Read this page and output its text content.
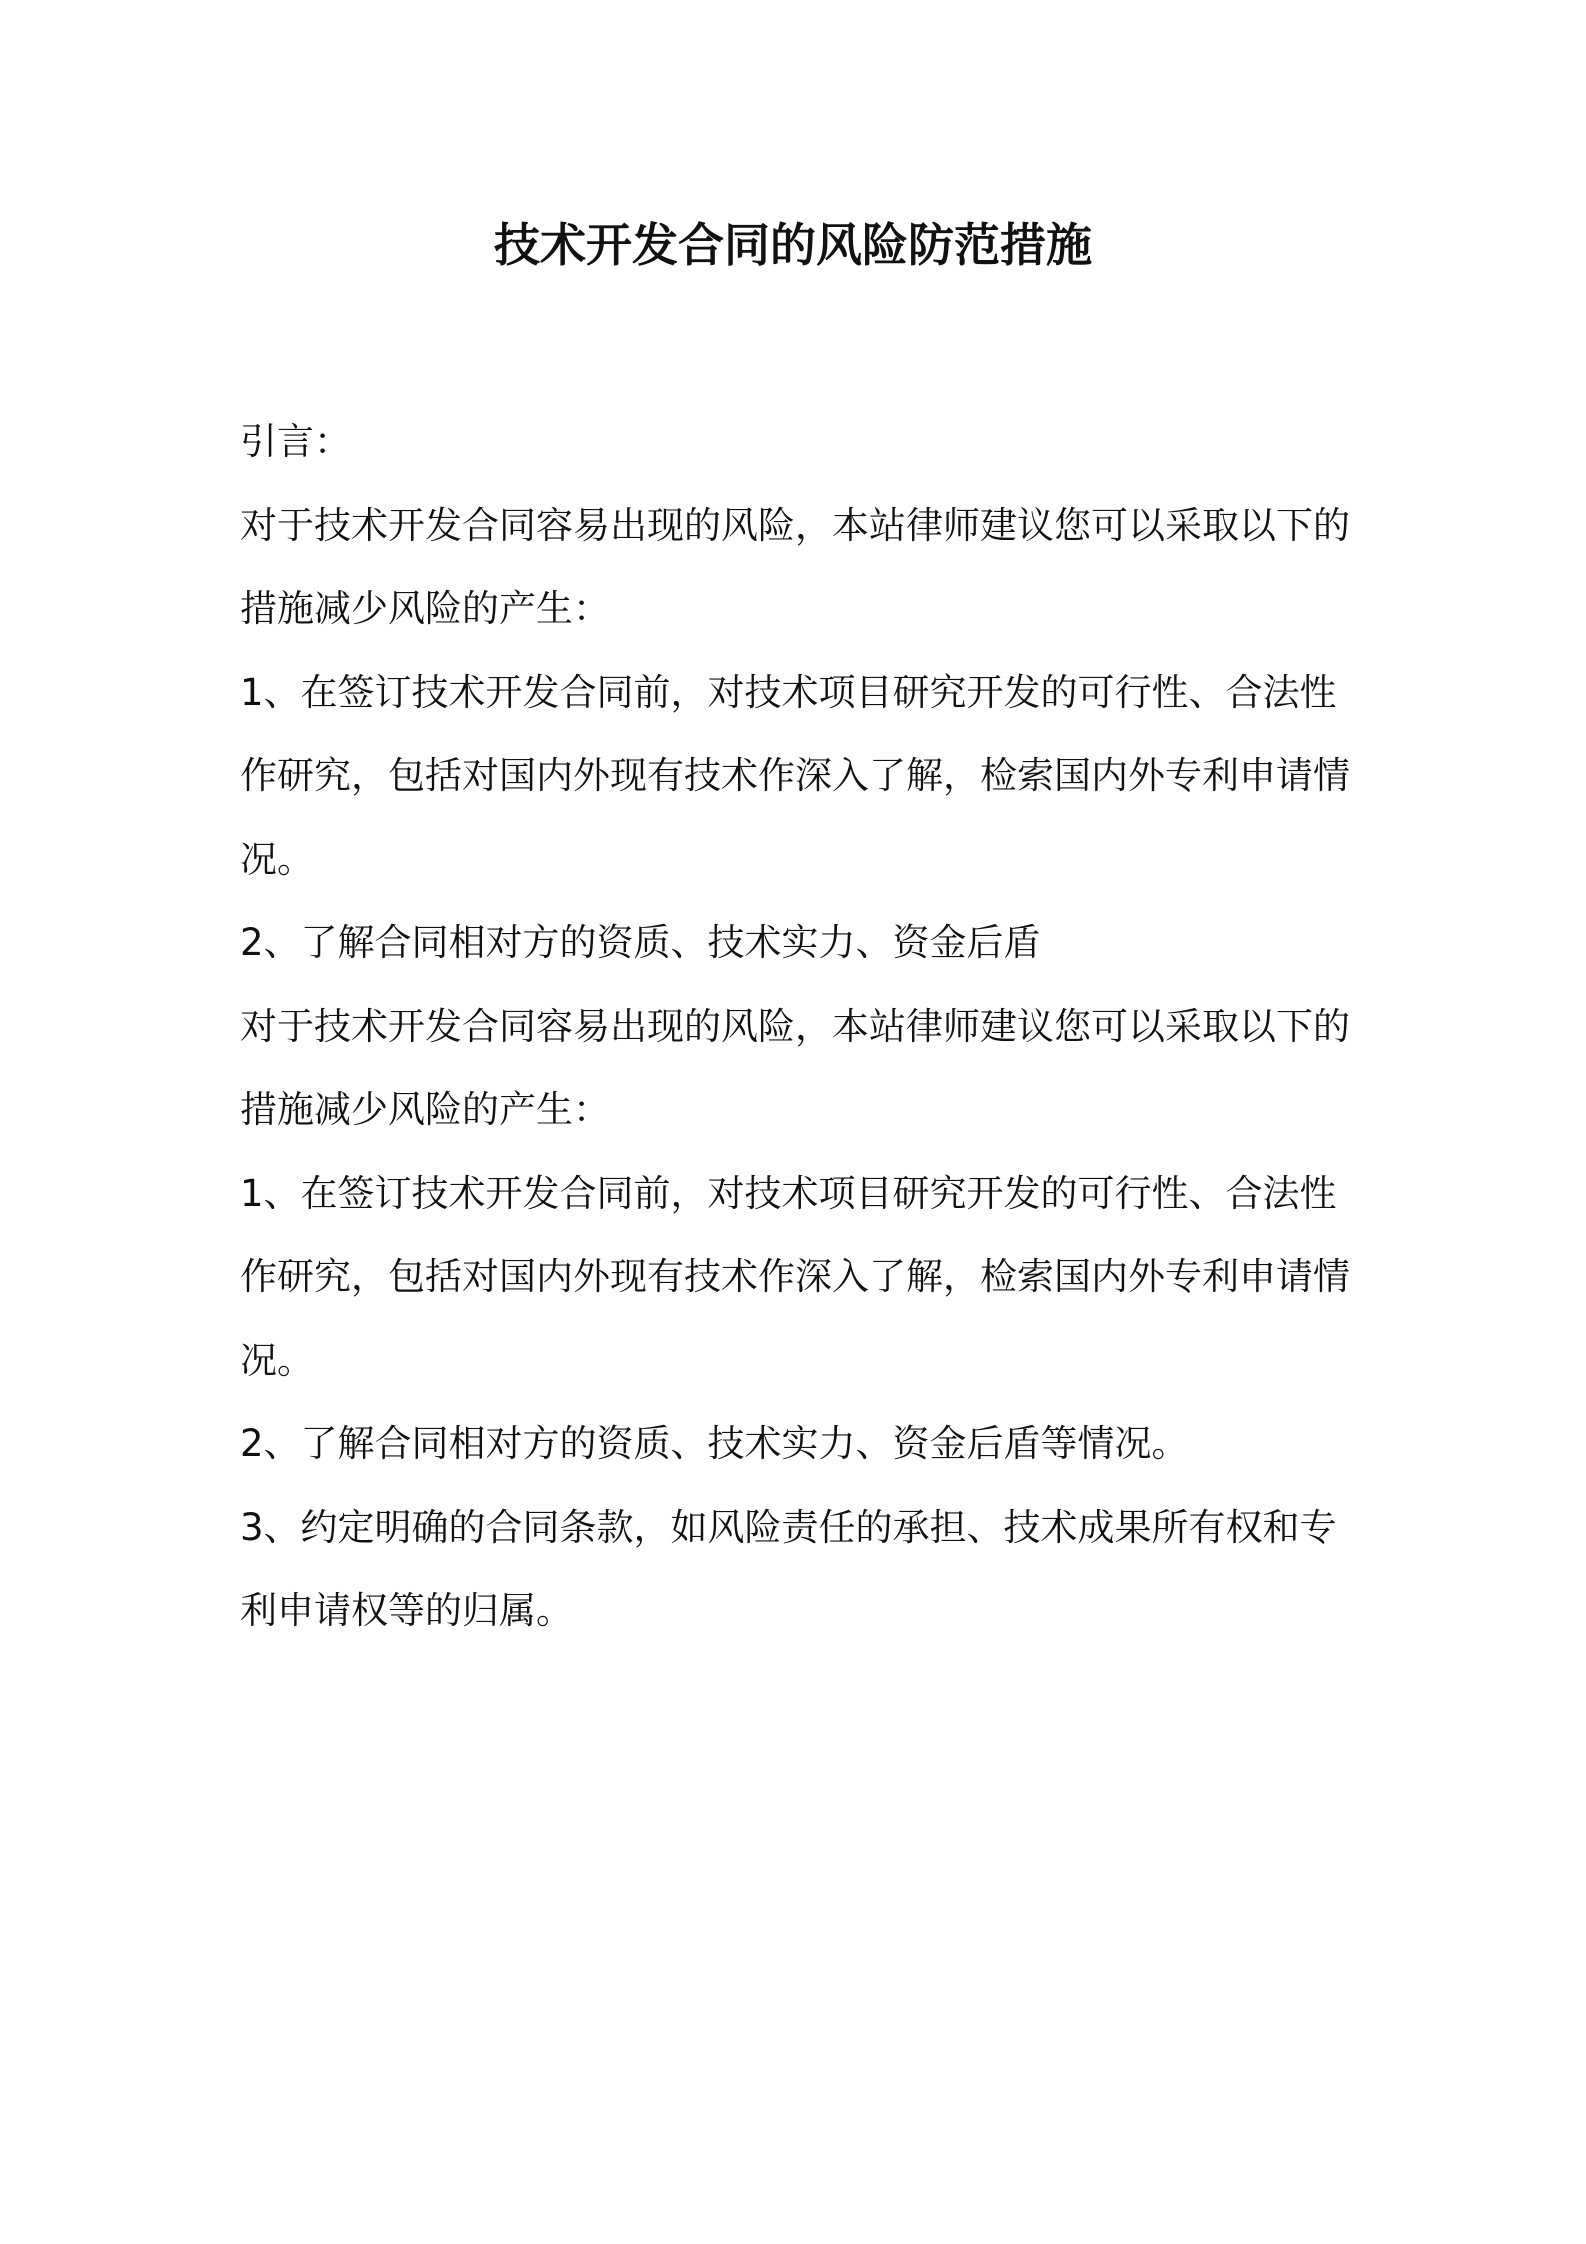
技术开发合同的风险防范措施
引言：
对于技术开发合同容易出现的风险，本站律师建议您可以采取以下的
措施减少风险的产生：
1、在签订技术开发合同前，对技术项目研究开发的可行性、合法性
作研究，包括对国内外现有技术作深入了解，检索国内外专利申请情
况。
2、了解合同相对方的资质、技术实力、资金后盾
对于技术开发合同容易出现的风险，本站律师建议您可以采取以下的
措施减少风险的产生：
1、在签订技术开发合同前，对技术项目研究开发的可行性、合法性
作研究，包括对国内外现有技术作深入了解，检索国内外专利申请情
况。
2、了解合同相对方的资质、技术实力、资金后盾等情况。
3、约定明确的合同条款，如风险责任的承担、技术成果所有权和专
利申请权等的归属。
